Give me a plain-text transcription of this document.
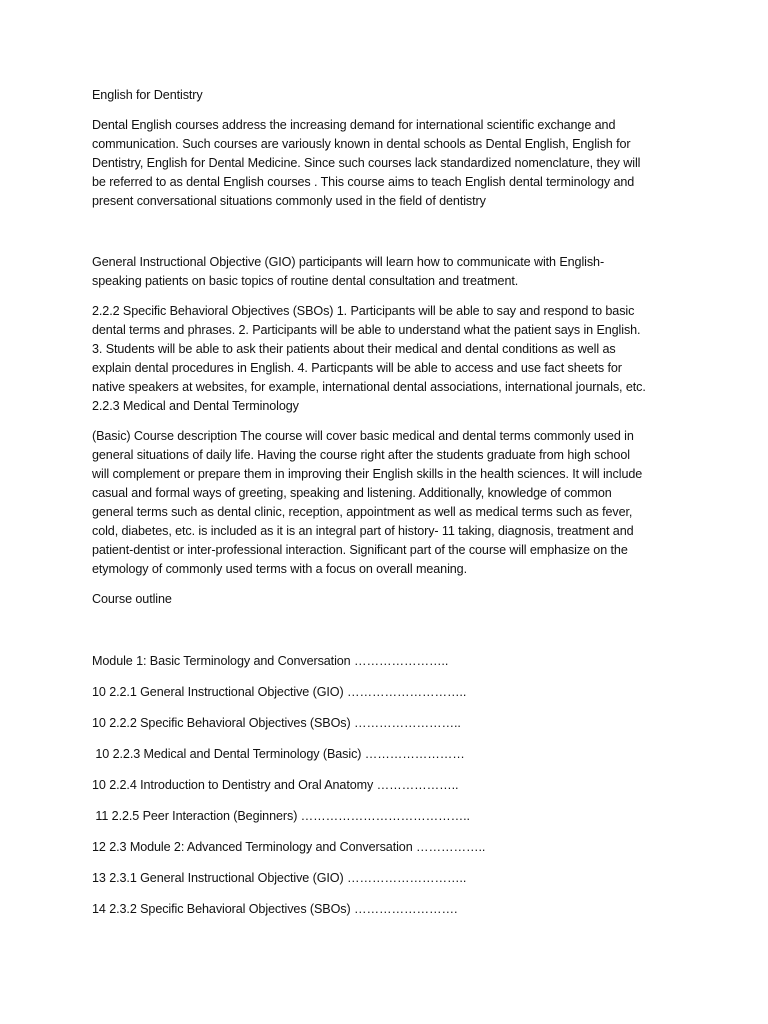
English for Dentistry

Dental English courses address the increasing demand for international scientific exchange and
communication. Such courses are variously known in dental schools as Dental English, English for
Dentistry, English for Dental Medicine. Since such courses lack standardized nomenclature, they will
be referred to as dental English courses . This course aims to teach English dental terminology and
present conversational situations commonly used in the field of dentistry

General Instructional Objective (GIO) participants will learn how to communicate with English-
speaking patients on basic topics of routine dental consultation and treatment.

2.2.2 Specific Behavioral Objectives (SBOs) 1. Participants will be able to say and respond to basic
dental terms and phrases. 2. Participants will be able to understand what the patient says in English.
3. Students will be able to ask their patients about their medical and dental conditions as well as
explain dental procedures in English. 4. Particpants will be able to access and use fact sheets for
native speakers at websites, for example, international dental associations, international journals, etc.
2.2.3 Medical and Dental Terminology

(Basic) Course description The course will cover basic medical and dental terms commonly used in
general situations of daily life. Having the course right after the students graduate from high school
will complement or prepare them in improving their English skills in the health sciences. It will include
casual and formal ways of greeting, speaking and listening. Additionally, knowledge of common
general terms such as dental clinic, reception, appointment as well as medical terms such as fever,
cold, diabetes, etc. is included as it is an integral part of history- 11 taking, diagnosis, treatment and
patient-dentist or inter-professional interaction. Significant part of the course will emphasize on the
etymology of commonly used terms with a focus on overall meaning.

Course outline

Module 1: Basic Terminology and Conversation …………………..

10 2.2.1 General Instructional Objective (GIO) ………………………..

10 2.2.2 Specific Behavioral Objectives (SBOs) ……………………..

10 2.2.3 Medical and Dental Terminology (Basic) ……………………

10 2.2.4 Introduction to Dentistry and Oral Anatomy ………………..

11 2.2.5 Peer Interaction (Beginners) …………………………………..

12 2.3 Module 2: Advanced Terminology and Conversation ……………..

13 2.3.1 General Instructional Objective (GIO) ………………………..

14 2.3.2 Specific Behavioral Objectives (SBOs) …………………….
